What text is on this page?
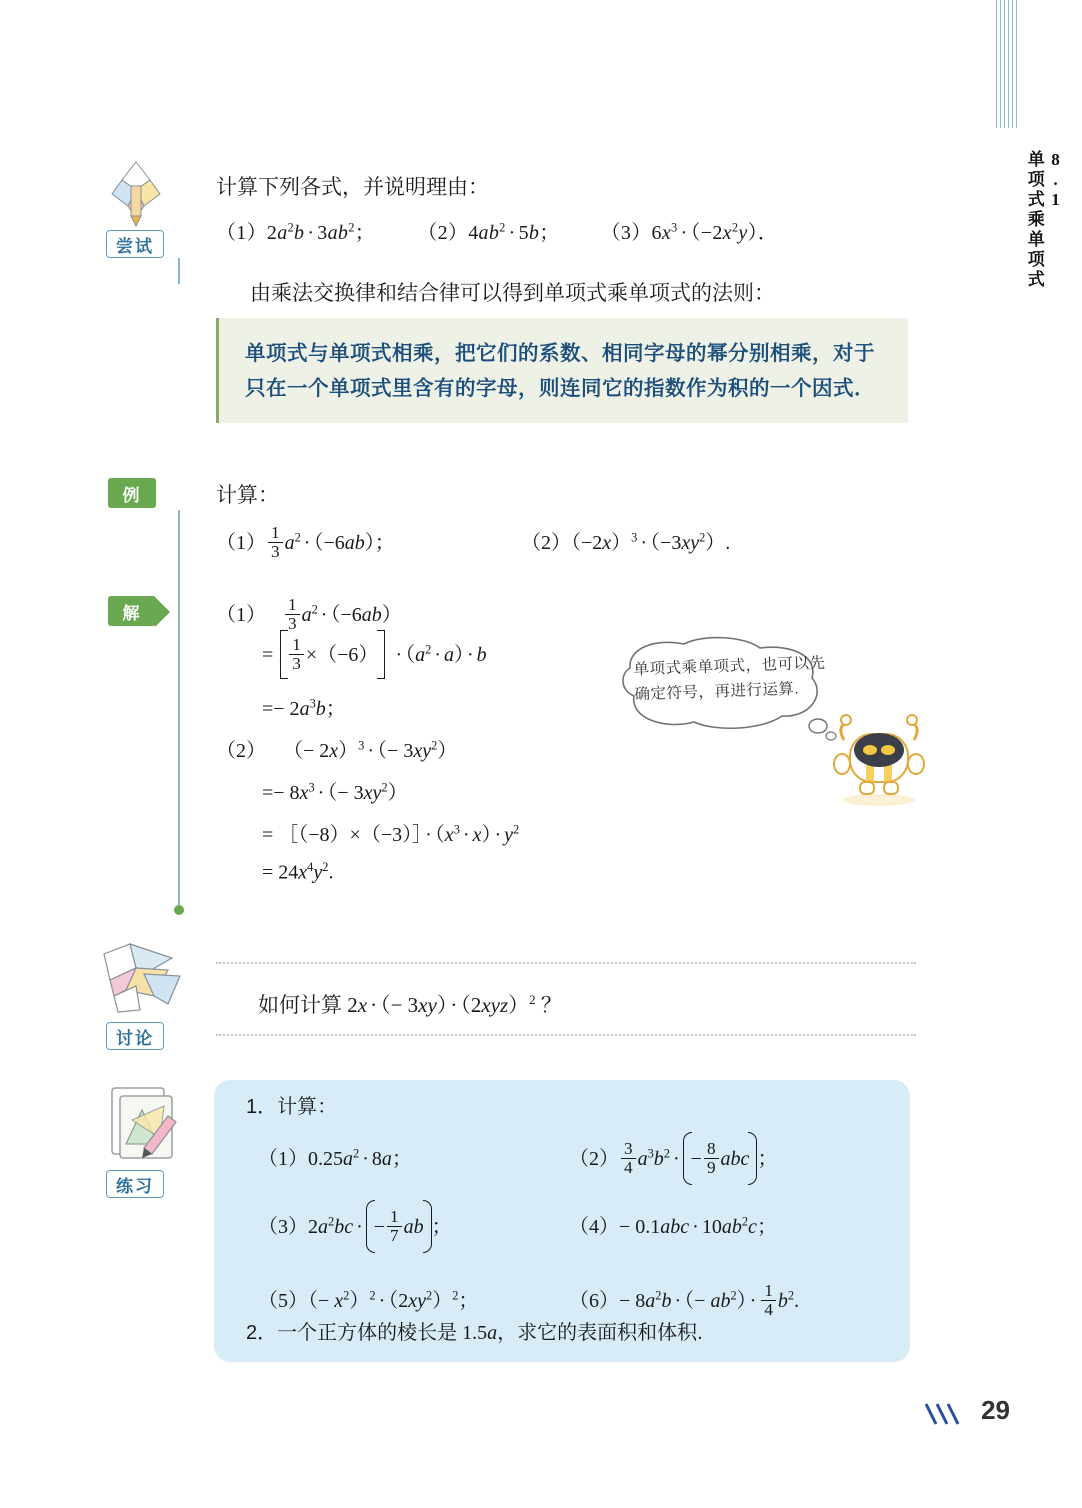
8.1
单项式乘单项式
尝试
计算下列各式，并说明理由：
$(1)2a^2b \cdot 3ab^2$； $(2)4ab^2 \cdot 5b$； $(3)6x^3 \cdot (-2x^2y)$．
由乘法交换律和结合律可以得到单项式乘单项式的法则：

单项式与单项式相乘，把它们的系数、相同字母的幂分别相乘，对于只在一个单项式里含有的字母，则连同它的指数作为积的一个因式．

例	计算：
$(1) \frac{1}{3} a^2 \cdot (-6ab)$；	$(2)(-2x)^3 \cdot (-3xy^2)$.
解	$(1) \frac{1}{3} a^2 \cdot (-6ab)$
= $\frac{1}{3} \times(-6) \cdot (a^2 \cdot a) \cdot b$
=− $2a^3b$；
（2） （− 2x）$^3$ · （− $3xy^2$）
=− $8x^3$ · （− $3xy^2$）
= ［（−8）×（−3）］ · $(x^3 \cdot x) \cdot y^2$
= $24x^4y^2$.
单项式乘单项式，也可以先确定符号，再进行运算.
讨论
如何计算 2x · （− $3xy) \cdot (2xyz)^2$ ？
练习
1．计算：
$(1)0.25a^2 \cdot 8a$；	$(2) \frac{3}{4} a^3b^2$ ·
− $\frac{8}{9}$ abc ；
$(3)2a^2bc$ ·
− $\frac{1}{7}$ ab ；	$(4)- 0.1abc \cdot 10ab^2c$；
$(5)(- x^2)^2 \cdot (2xy^2)^2$；	$(6)- 8a^2b$ · （− $ab^2) \cdot \frac{1}{4} b^2$.
2．一个正方体的棱长是 1.5a，求它的表面积和体积.
29
